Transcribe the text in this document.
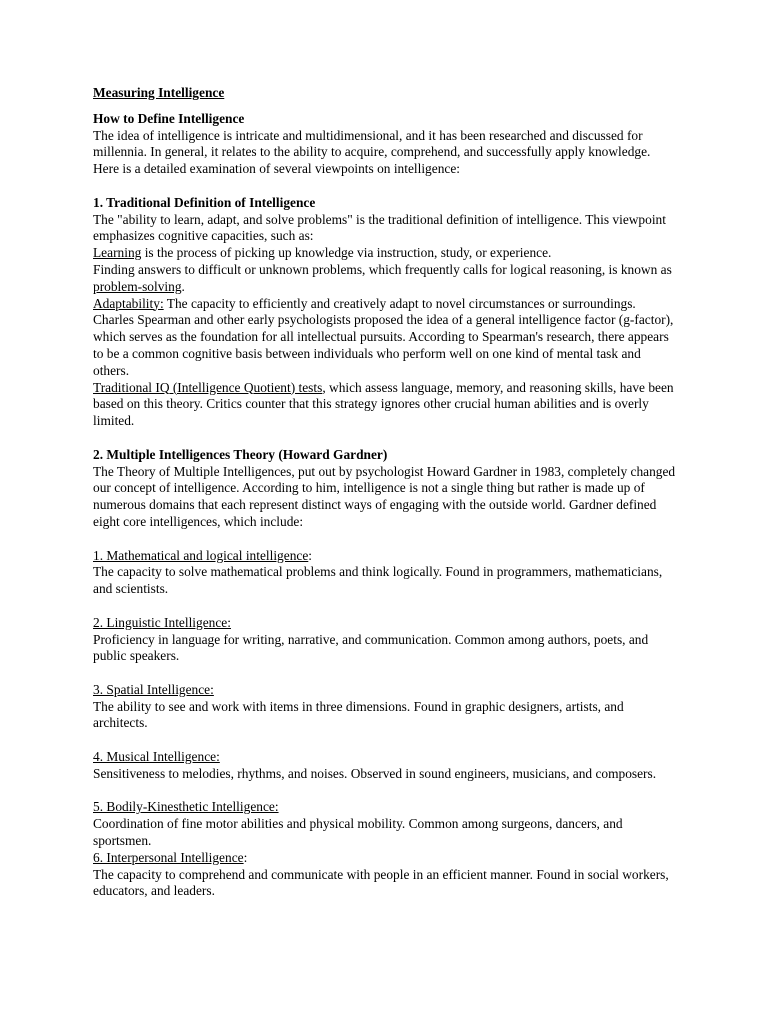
Measuring Intelligence

How to Define Intelligence

The idea of intelligence is intricate and multidimensional, and it has been researched and discussed for millennia. In general, it relates to the ability to acquire, comprehend, and successfully apply knowledge. Here is a detailed examination of several viewpoints on intelligence:

1. Traditional Definition of Intelligence

The "ability to learn, adapt, and solve problems" is the traditional definition of intelligence. This viewpoint emphasizes cognitive capacities, such as:

Learning is the process of picking up knowledge via instruction, study, or experience.

Finding answers to difficult or unknown problems, which frequently calls for logical reasoning, is known as problem-solving.

Adaptability: The capacity to efficiently and creatively adapt to novel circumstances or surroundings.

Charles Spearman and other early psychologists proposed the idea of a general intelligence factor (g-factor), which serves as the foundation for all intellectual pursuits. According to Spearman's research, there appears to be a common cognitive basis between individuals who perform well on one kind of mental task and others.

Traditional IQ (Intelligence Quotient) tests, which assess language, memory, and reasoning skills, have been based on this theory. Critics counter that this strategy ignores other crucial human abilities and is overly limited.

2. Multiple Intelligences Theory (Howard Gardner)

The Theory of Multiple Intelligences, put out by psychologist Howard Gardner in 1983, completely changed our concept of intelligence. According to him, intelligence is not a single thing but rather is made up of numerous domains that each represent distinct ways of engaging with the outside world. Gardner defined eight core intelligences, which include:

1. Mathematical and logical intelligence:

The capacity to solve mathematical problems and think logically. Found in programmers, mathematicians, and scientists.

2. Linguistic Intelligence:

Proficiency in language for writing, narrative, and communication. Common among authors, poets, and public speakers.

3. Spatial Intelligence:

The ability to see and work with items in three dimensions. Found in graphic designers, artists, and architects.

4. Musical Intelligence:

Sensitiveness to melodies, rhythms, and noises. Observed in sound engineers, musicians, and composers.

5. Bodily-Kinesthetic Intelligence:

Coordination of fine motor abilities and physical mobility. Common among surgeons, dancers, and sportsmen.

6. Interpersonal Intelligence:

The capacity to comprehend and communicate with people in an efficient manner. Found in social workers, educators, and leaders.
